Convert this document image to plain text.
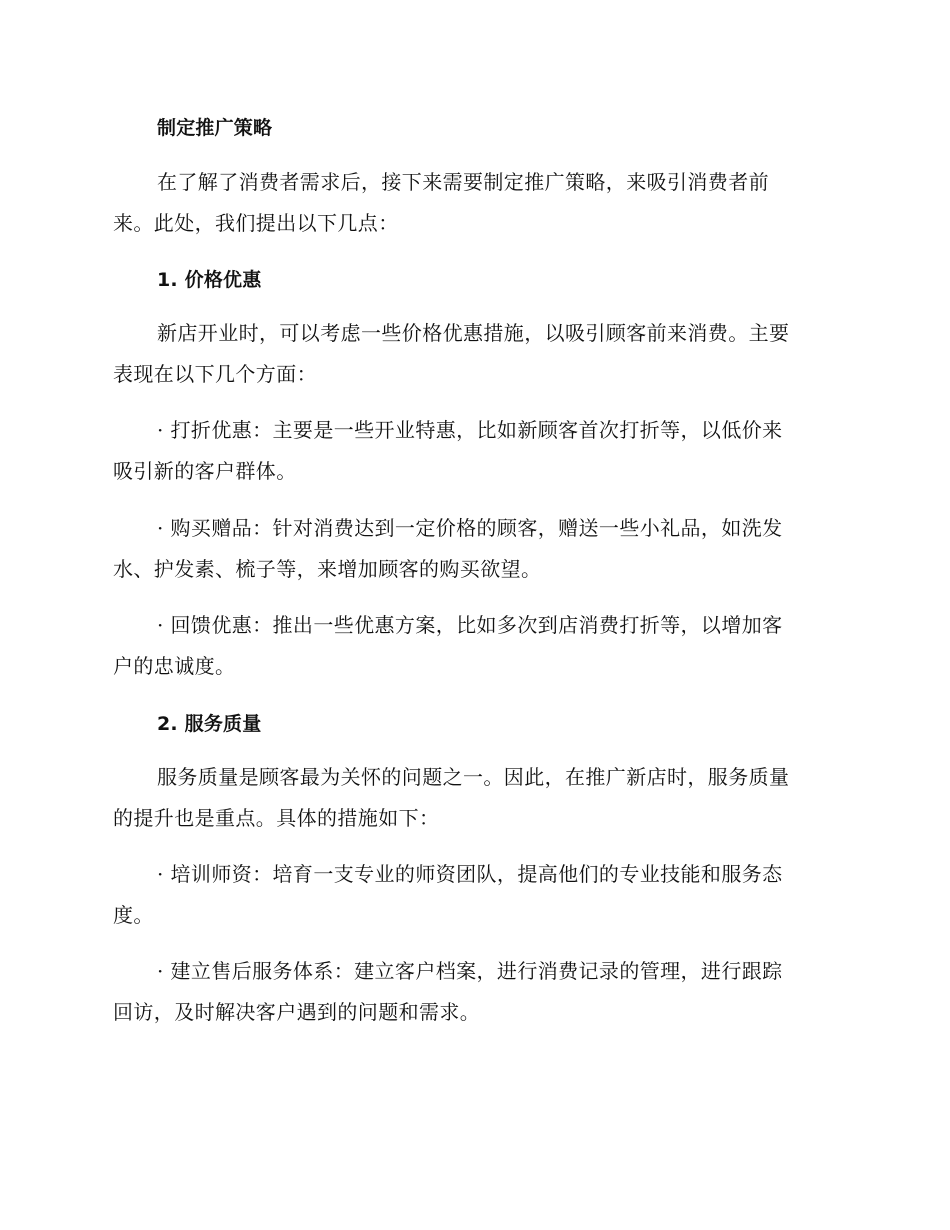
制定推广策略

在了解了消费者需求后，接下来需要制定推广策略，来吸引消费者前
来。此处，我们提出以下几点：

1. 价格优惠

新店开业时，可以考虑一些价格优惠措施，以吸引顾客前来消费。主要
表现在以下几个方面：

· 打折优惠：主要是一些开业特惠，比如新顾客首次打折等，以低价来
吸引新的客户群体。

· 购买赠品：针对消费达到一定价格的顾客，赠送一些小礼品，如洗发
水、护发素、梳子等，来增加顾客的购买欲望。

· 回馈优惠：推出一些优惠方案，比如多次到店消费打折等，以增加客
户的忠诚度。

2. 服务质量

服务质量是顾客最为关怀的问题之一。因此，在推广新店时，服务质量
的提升也是重点。具体的措施如下：

· 培训师资：培育一支专业的师资团队，提高他们的专业技能和服务态
度。

· 建立售后服务体系：建立客户档案，进行消费记录的管理，进行跟踪
回访，及时解决客户遇到的问题和需求。
